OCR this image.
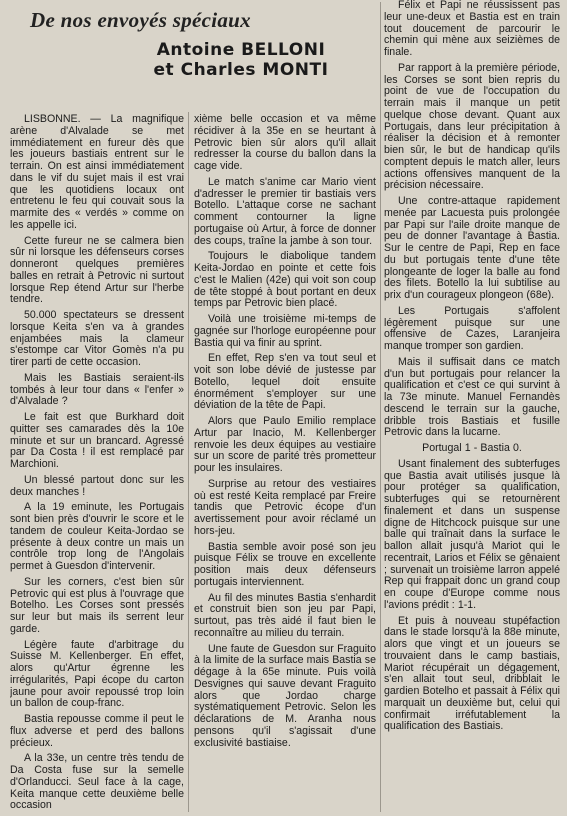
De nos envoyés spéciaux
Antoine BELLONI
et Charles MONTI

LISBONNE. — La magnifique arène d'Alvalade se met immédiatement en fureur dès que les joueurs bastiais entrent sur le terrain. On est ainsi immédiatement dans le vif du sujet mais il est vrai que les quotidiens locaux ont entretenu le feu qui couvait sous la marmite des « verdés » comme on les appelle ici.

Cette fureur ne se calmera bien sûr ni lorsque les défenseurs corses donneront quelques premières balles en retrait à Petrovic ni surtout lorsque Rep étend Artur sur l'herbe tendre.

50.000 spectateurs se dressent lorsque Keita s'en va à grandes enjambées mais la clameur s'estompe car Vitor Gomès n'a pu tirer parti de cette occasion.

Mais les Bastiais seraient-ils tombés à leur tour dans « l'enfer » d'Alvalade ?

Le fait est que Burkhard doit quitter ses camarades dès la 10e minute et sur un brancard. Agressé par Da Costa ! il est remplacé par Marchioni.

Un blessé partout donc sur les deux manches !

A la 19 eminute, les Portugais sont bien près d'ouvrir le score et le tandem de couleur Keita-Jordao se présente à deux contre un mais un contrôle trop long de l'Angolais permet à Guesdon d'intervenir.

Sur les corners, c'est bien sûr Petrovic qui est plus à l'ouvrage que Botelho. Les Corses sont pressés sur leur but mais ils serrent leur garde.

Légère faute d'arbitrage du Suisse M. Kellenberger. En effet, alors qu'Artur égrenne les irrégularités, Papi écope du carton jaune pour avoir repoussé trop loin un ballon de coup-franc.

Bastia repousse comme il peut le flux adverse et perd des ballons précieux.

A la 33e, un centre très tendu de Da Costa fuse sur la semelle d'Orlanducci. Seul face à la cage, Keita manque cette deuxième belle occasion

xième belle occasion et va même récidiver à la 35e en se heurtant à Petrovic bien sûr alors qu'il allait redresser la course du ballon dans la cage vide.

Le match s'anime car Mario vient d'adresser le premier tir bastiais vers Botello. L'attaque corse ne sachant comment contourner la ligne portugaise où Artur, à force de donner des coups, traîne la jambe à son tour.

Toujours le diabolique tandem Keita-Jordao en pointe et cette fois c'est le Malien (42e) qui voit son coup de tête stoppé à bout portant en deux temps par Petrovic bien placé.

Voilà une troisième mi-temps de gagnée sur l'horloge européenne pour Bastia qui va finir au sprint.

En effet, Rep s'en va tout seul et voit son lobe dévié de justesse par Botello, lequel doit ensuite énormément s'employer sur une déviation de la tête de Papi.

Alors que Paulo Emilio remplace Artur par Inacio, M. Kellenberger renvoie les deux équipes au vestiaire sur un score de parité très prometteur pour les insulaires.

Surprise au retour des vestiaires où est resté Keita remplacé par Freire tandis que Petrovic écope d'un avertissement pour avoir réclamé un hors-jeu.

Bastia semble avoir posé son jeu puisque Félix se trouve en excellente position mais deux défenseurs portugais interviennent.

Au fil des minutes Bastia s'enhardit et construit bien son jeu par Papi, surtout, pas très aidé il faut bien le reconnaître au milieu du terrain.

Une faute de Guesdon sur Fraguito à la limite de la surface mais Bastia se dégage à la 65e minute. Puis voilà Desvignes qui sauve devant Fraguito alors que Jordao charge systématiquement Petrovic. Selon les déclarations de M. Aranha nous pensons qu'il s'agissait d'une exclusivité bastiaise.

Félix et Papi ne réussissent pas leur une-deux et Bastia est en train tout doucement de parcourir le chemin qui mène aux seizièmes de finale.

Par rapport à la première période, les Corses se sont bien repris du point de vue de l'occupation du terrain mais il manque un petit quelque chose devant. Quant aux Portugais, dans leur précipitation à réaliser la décision et à remonter bien sûr, le but de handicap qu'ils comptent depuis le match aller, leurs actions offensives manquent de la précision nécessaire.

Une contre-attaque rapidement menée par Lacuesta puis prolongée par Papi sur l'aile droite manque de peu de donner l'avantage à Bastia. Sur le centre de Papi, Rep en face du but portugais tente d'une tête plongeante de loger la balle au fond des filets. Botello la lui subtilise au prix d'un courageux plongeon (68e).

Les Portugais s'affolent légèrement puisque sur une offensive de Cazes, Laranjeira manque tromper son gardien.

Mais il suffisait dans ce match d'un but portugais pour relancer la qualification et c'est ce qui survint à la 73e minute. Manuel Fernandès descend le terrain sur la gauche, dribble trois Bastiais et fusille Petrovic dans la lucarne.

Portugal 1 - Bastia 0.

Usant finalement des subterfuges que Bastia avait utilisés jusque là pour protéger sa qualification, subterfuges qui se retournèrent finalement et dans un suspense digne de Hitchcock puisque sur une balle qui traînait dans la surface le ballon allait jusqu'à Mariot qui le recentrait, Larios et Félix se gênaient ; survenait un troisième larron appelé Rep qui frappait donc un grand coup en coupe d'Europe comme nous l'avions prédit : 1-1.

Et puis à nouveau stupéfaction dans le stade lorsqu'à la 88e minute, alors que vingt et un joueurs se trouvaient dans le camp bastiais, Mariot récupérait un dégagement, s'en allait tout seul, dribblait le gardien Botelho et passait à Félix qui marquait un deuxième but, celui qui confirmait irréfutablement la qualification des Bastiais.
